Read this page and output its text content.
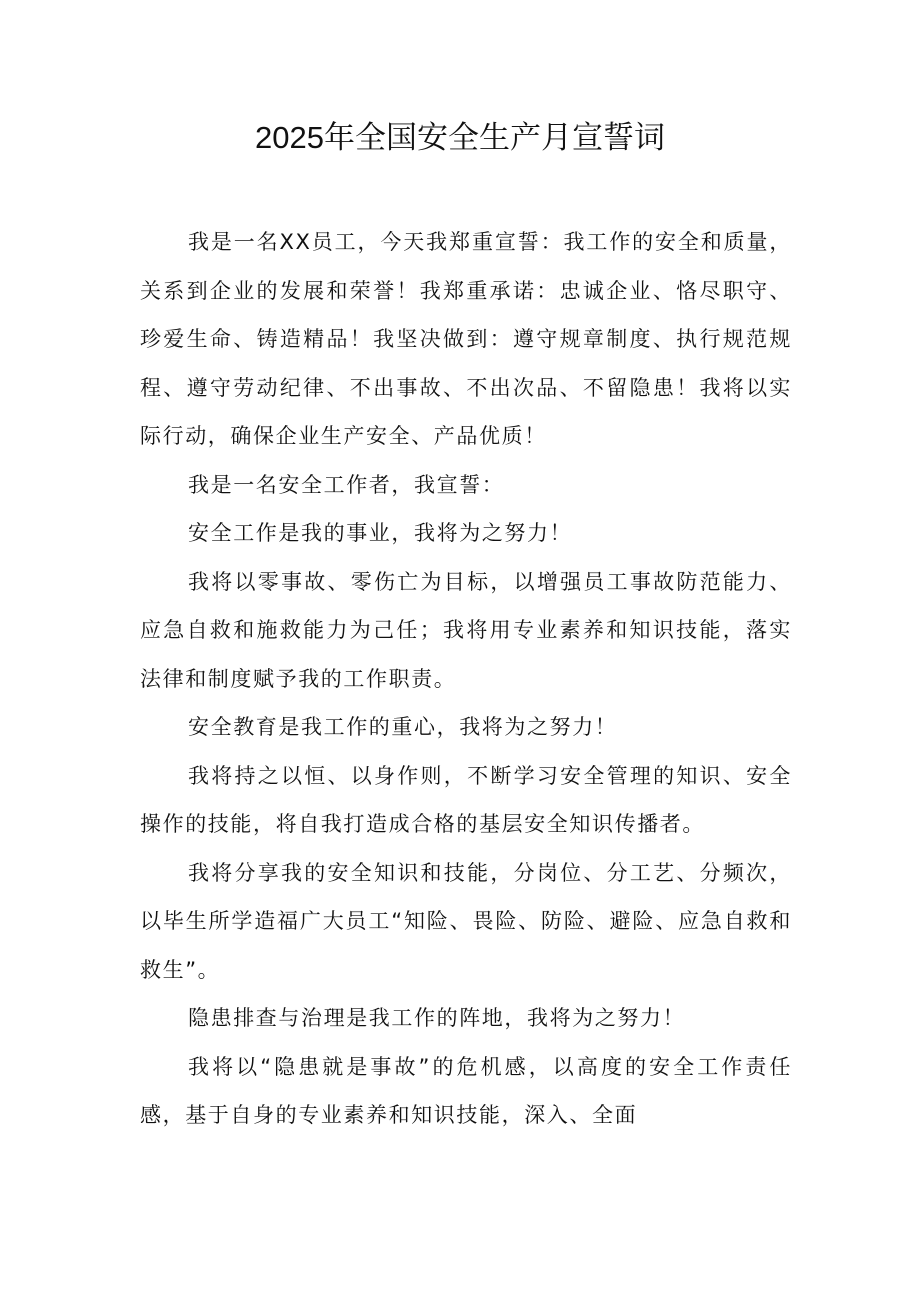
2025年全国安全生产月宣誓词

我是一名XX员工，今天我郑重宣誓：我工作的安全和质量，关系到企业的发展和荣誉！我郑重承诺：忠诚企业、恪尽职守、珍爱生命、铸造精品！我坚决做到：遵守规章制度、执行规范规程、遵守劳动纪律、不出事故、不出次品、不留隐患！我将以实际行动，确保企业生产安全、产品优质！

我是一名安全工作者，我宣誓：

安全工作是我的事业，我将为之努力！

我将以零事故、零伤亡为目标，以增强员工事故防范能力、应急自救和施救能力为己任；我将用专业素养和知识技能，落实法律和制度赋予我的工作职责。

安全教育是我工作的重心，我将为之努力！

我将持之以恒、以身作则，不断学习安全管理的知识、安全操作的技能，将自我打造成合格的基层安全知识传播者。

我将分享我的安全知识和技能，分岗位、分工艺、分频次，以毕生所学造福广大员工“知险、畏险、防险、避险、应急自救和救生”。

隐患排查与治理是我工作的阵地，我将为之努力！

我将以“隐患就是事故”的危机感，以高度的安全工作责任感，基于自身的专业素养和知识技能，深入、全面
